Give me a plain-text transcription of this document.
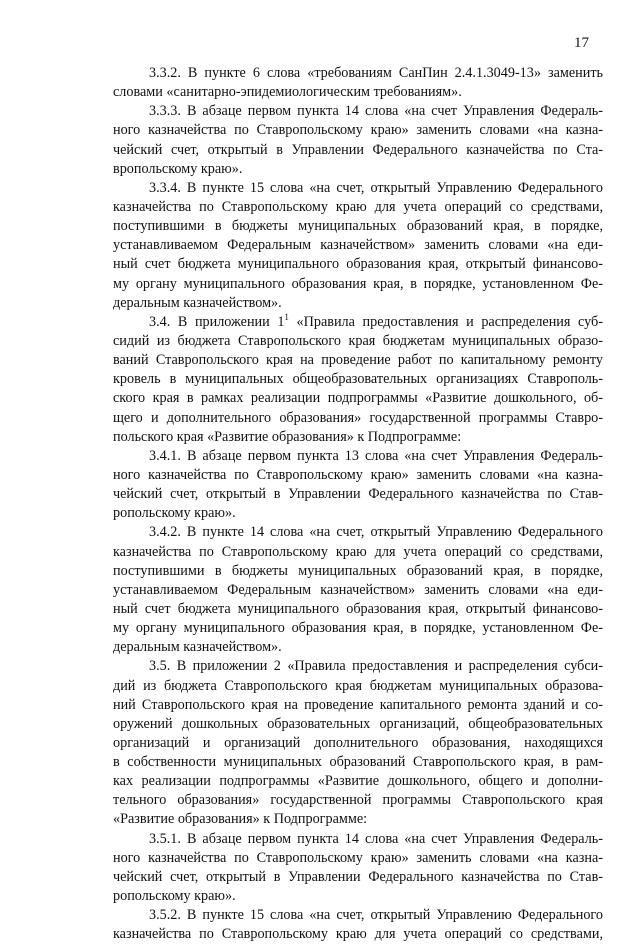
17
3.3.2. В пункте 6 слова «требованиям СанПин 2.4.1.3049-13» заменить
словами «санитарно-эпидемиологическим требованиям».
3.3.3. В абзаце первом пункта 14 слова «на счет Управления Федераль-
ного казначейства по Ставропольскому краю» заменить словами «на казна-
чейский счет, открытый в Управлении Федерального казначейства по Ста-
вропольскому краю».
3.3.4. В пункте 15 слова «на счет, открытый Управлению Федерального
казначейства по Ставропольскому краю для учета операций со средствами,
поступившими в бюджеты муниципальных образований края, в порядке,
устанавливаемом Федеральным казначейством» заменить словами «на еди-
ный счет бюджета муниципального образования края, открытый финансово-
му органу муниципального образования края, в порядке, установленном Фе-
деральным казначейством».
3.4. В приложении $1^1$ «Правила предоставления и распределения суб-
сидий из бюджета Ставропольского края бюджетам муниципальных образо-
ваний Ставропольского края на проведение работ по капитальному ремонту
кровель в муниципальных общеобразовательных организациях Ставрополь-
ского края в рамках реализации подпрограммы «Развитие дошкольного, об-
щего и дополнительного образования» государственной программы Ставро-
польского края «Развитие образования» к Подпрограмме:
3.4.1. В абзаце первом пункта 13 слова «на счет Управления Федераль-
ного казначейства по Ставропольскому краю» заменить словами «на казна-
чейский счет, открытый в Управлении Федерального казначейства по Став-
ропольскому краю».
3.4.2. В пункте 14 слова «на счет, открытый Управлению Федерального
казначейства по Ставропольскому краю для учета операций со средствами,
поступившими в бюджеты муниципальных образований края, в порядке,
устанавливаемом Федеральным казначейством» заменить словами «на еди-
ный счет бюджета муниципального образования края, открытый финансово-
му органу муниципального образования края, в порядке, установленном Фе-
деральным казначейством».
3.5. В приложении 2 «Правила предоставления и распределения субси-
дий из бюджета Ставропольского края бюджетам муниципальных образова-
ний Ставропольского края на проведение капитального ремонта зданий и со-
оружений дошкольных образовательных организаций, общеобразовательных
организаций и организаций дополнительного образования, находящихся
в собственности муниципальных образований Ставропольского края, в рам-
ках реализации подпрограммы «Развитие дошкольного, общего и дополни-
тельного образования» государственной программы Ставропольского края
«Развитие образования» к Подпрограмме:
3.5.1. В абзаце первом пункта 14 слова «на счет Управления Федераль-
ного казначейства по Ставропольскому краю» заменить словами «на казна-
чейский счет, открытый в Управлении Федерального казначейства по Став-
ропольскому краю».
3.5.2. В пункте 15 слова «на счет, открытый Управлению Федерального
казначейства по Ставропольскому краю для учета операций со средствами,
